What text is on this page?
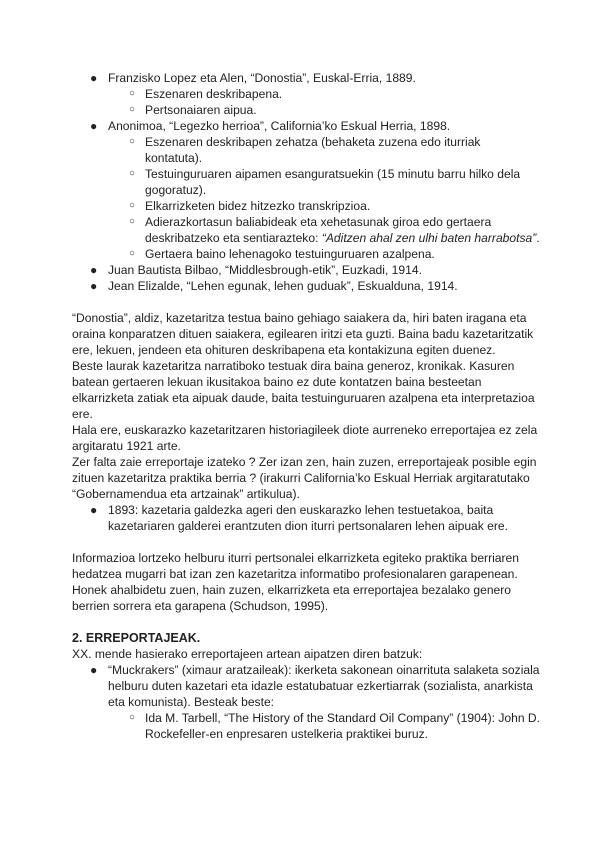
● Franzisko Lopez eta Alen, “Donostia”, Euskal-Erria, 1889.
○ Eszenaren deskribapena.
○ Pertsonaiaren aipua.
● Anonimoa, “Legezko herrioa”, California’ko Eskual Herria, 1898.
○ Eszenaren deskribapen zehatza (behaketa zuzena edo iturriak kontatuta).
○ Testuinguruaren aipamen esanguratsuekin (15 minutu barru hilko dela gogoratuz).
○ Elkarrizketen bidez hitzezko transkripzioa.
○ Adierazkortasun baliabideak eta xehetasunak giroa edo gertaera deskribatzeko eta sentiarazteko: “Aditzen ahal zen ulhi baten harrabotsa”.
○ Gertaera baino lehenagoko testuinguruaren azalpena.
● Juan Bautista Bilbao, “Middlesbrough-etik”, Euzkadi, 1914.
● Jean Elizalde, “Lehen egunak, lehen guduak”, Eskualduna, 1914.

“Donostia”, aldiz, kazetaritza testua baino gehiago saiakera da, hiri baten iragana eta oraina konparatzen dituen saiakera, egilearen iritzi eta guzti. Baina badu kazetaritzatik ere, lekuen, jendeen eta ohituren deskribapena eta kontakizuna egiten duenez.

Beste laurak kazetaritza narratiboko testuak dira baina generoz, kronikak. Kasuren batean gertaeren lekuan ikusitakoa baino ez dute kontatzen baina besteetan elkarrizketa zatiak eta aipuak daude, baita testuinguruaren azalpena eta interpretazioa ere.

Hala ere, euskarazko kazetaritzaren historiagileek diote aurreneko erreportajea ez zela argitaratu 1921 arte.

Zer falta zaie erreportaje izateko ? Zer izan zen, hain zuzen, erreportajeak posible egin zituen kazetaritza praktika berria ? (irakurri California’ko Eskual Herriak argitaratutako “Gobernamendua eta artzainak” artikulua).

● 1893: kazetaria galdezka ageri den euskarazko lehen testuetakoa, baita kazetariaren galderei erantzuten dion iturri pertsonalaren lehen aipuak ere.

Informazioa lortzeko helburu iturri pertsonalei elkarrizketa egiteko praktika berriaren hedatzea mugarri bat izan zen kazetaritza informatibo profesionalaren garapenean. Honek ahalbidetu zuen, hain zuzen, elkarrizketa eta erreportajea bezalako genero berrien sorrera eta garapena (Schudson, 1995).

2. ERREPORTAJEAK.

XX. mende hasierako erreportajeen artean aipatzen diren batzuk:

● “Muckrakers” (ximaur aratzaileak): ikerketa sakonean oinarrituta salaketa soziala helburu duten kazetari eta idazle estatubatuar ezkertiarrak (sozialista, anarkista eta komunista). Besteak beste:
○ Ida M. Tarbell, “The History of the Standard Oil Company” (1904): John D. Rockefeller-en enpresaren ustelkeria praktikei buruz.
